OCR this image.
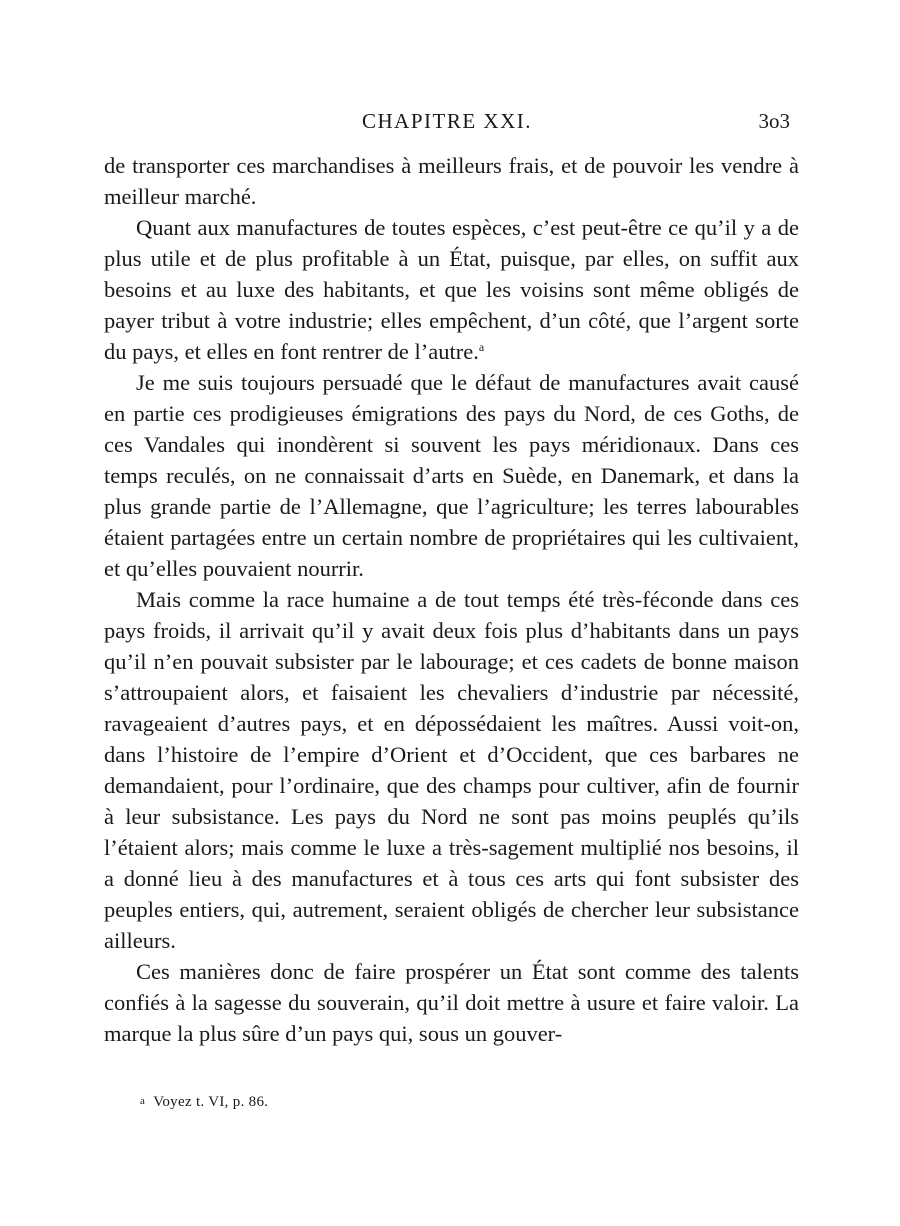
CHAPITRE XXI.	3o3

de transporter ces marchandises à meilleurs frais, et de pouvoir les vendre à meilleur marché.

Quant aux manufactures de toutes espèces, c’est peut-être ce qu’il y a de plus utile et de plus profitable à un État, puisque, par elles, on suffit aux besoins et au luxe des habitants, et que les voisins sont même obligés de payer tribut à votre industrie; elles empêchent, d’un côté, que l’argent sorte du pays, et elles en font rentrer de l’autre.$^a$

Je me suis toujours persuadé que le défaut de manufactures avait causé en partie ces prodigieuses émigrations des pays du Nord, de ces Goths, de ces Vandales qui inondèrent si souvent les pays méridionaux. Dans ces temps reculés, on ne connaissait d’arts en Suède, en Danemark, et dans la plus grande partie de l’Allemagne, que l’agriculture; les terres labourables étaient partagées entre un certain nombre de propriétaires qui les cultivaient, et qu’elles pouvaient nourrir.

Mais comme la race humaine a de tout temps été très-féconde dans ces pays froids, il arrivait qu’il y avait deux fois plus d’habitants dans un pays qu’il n’en pouvait subsister par le labourage; et ces cadets de bonne maison s’attroupaient alors, et faisaient les chevaliers d’industrie par nécessité, ravageaient d’autres pays, et en dépossédaient les maîtres. Aussi voit-on, dans l’histoire de l’empire d’Orient et d’Occident, que ces barbares ne demandaient, pour l’ordinaire, que des champs pour cultiver, afin de fournir à leur subsistance. Les pays du Nord ne sont pas moins peuplés qu’ils l’étaient alors; mais comme le luxe a très-sagement multiplié nos besoins, il a donné lieu à des manufactures et à tous ces arts qui font subsister des peuples entiers, qui, autrement, seraient obligés de chercher leur subsistance ailleurs.

Ces manières donc de faire prospérer un État sont comme des talents confiés à la sagesse du souverain, qu’il doit mettre à usure et faire valoir. La marque la plus sûre d’un pays qui, sous un gouver-

a Voyez t. VI, p. 86.
